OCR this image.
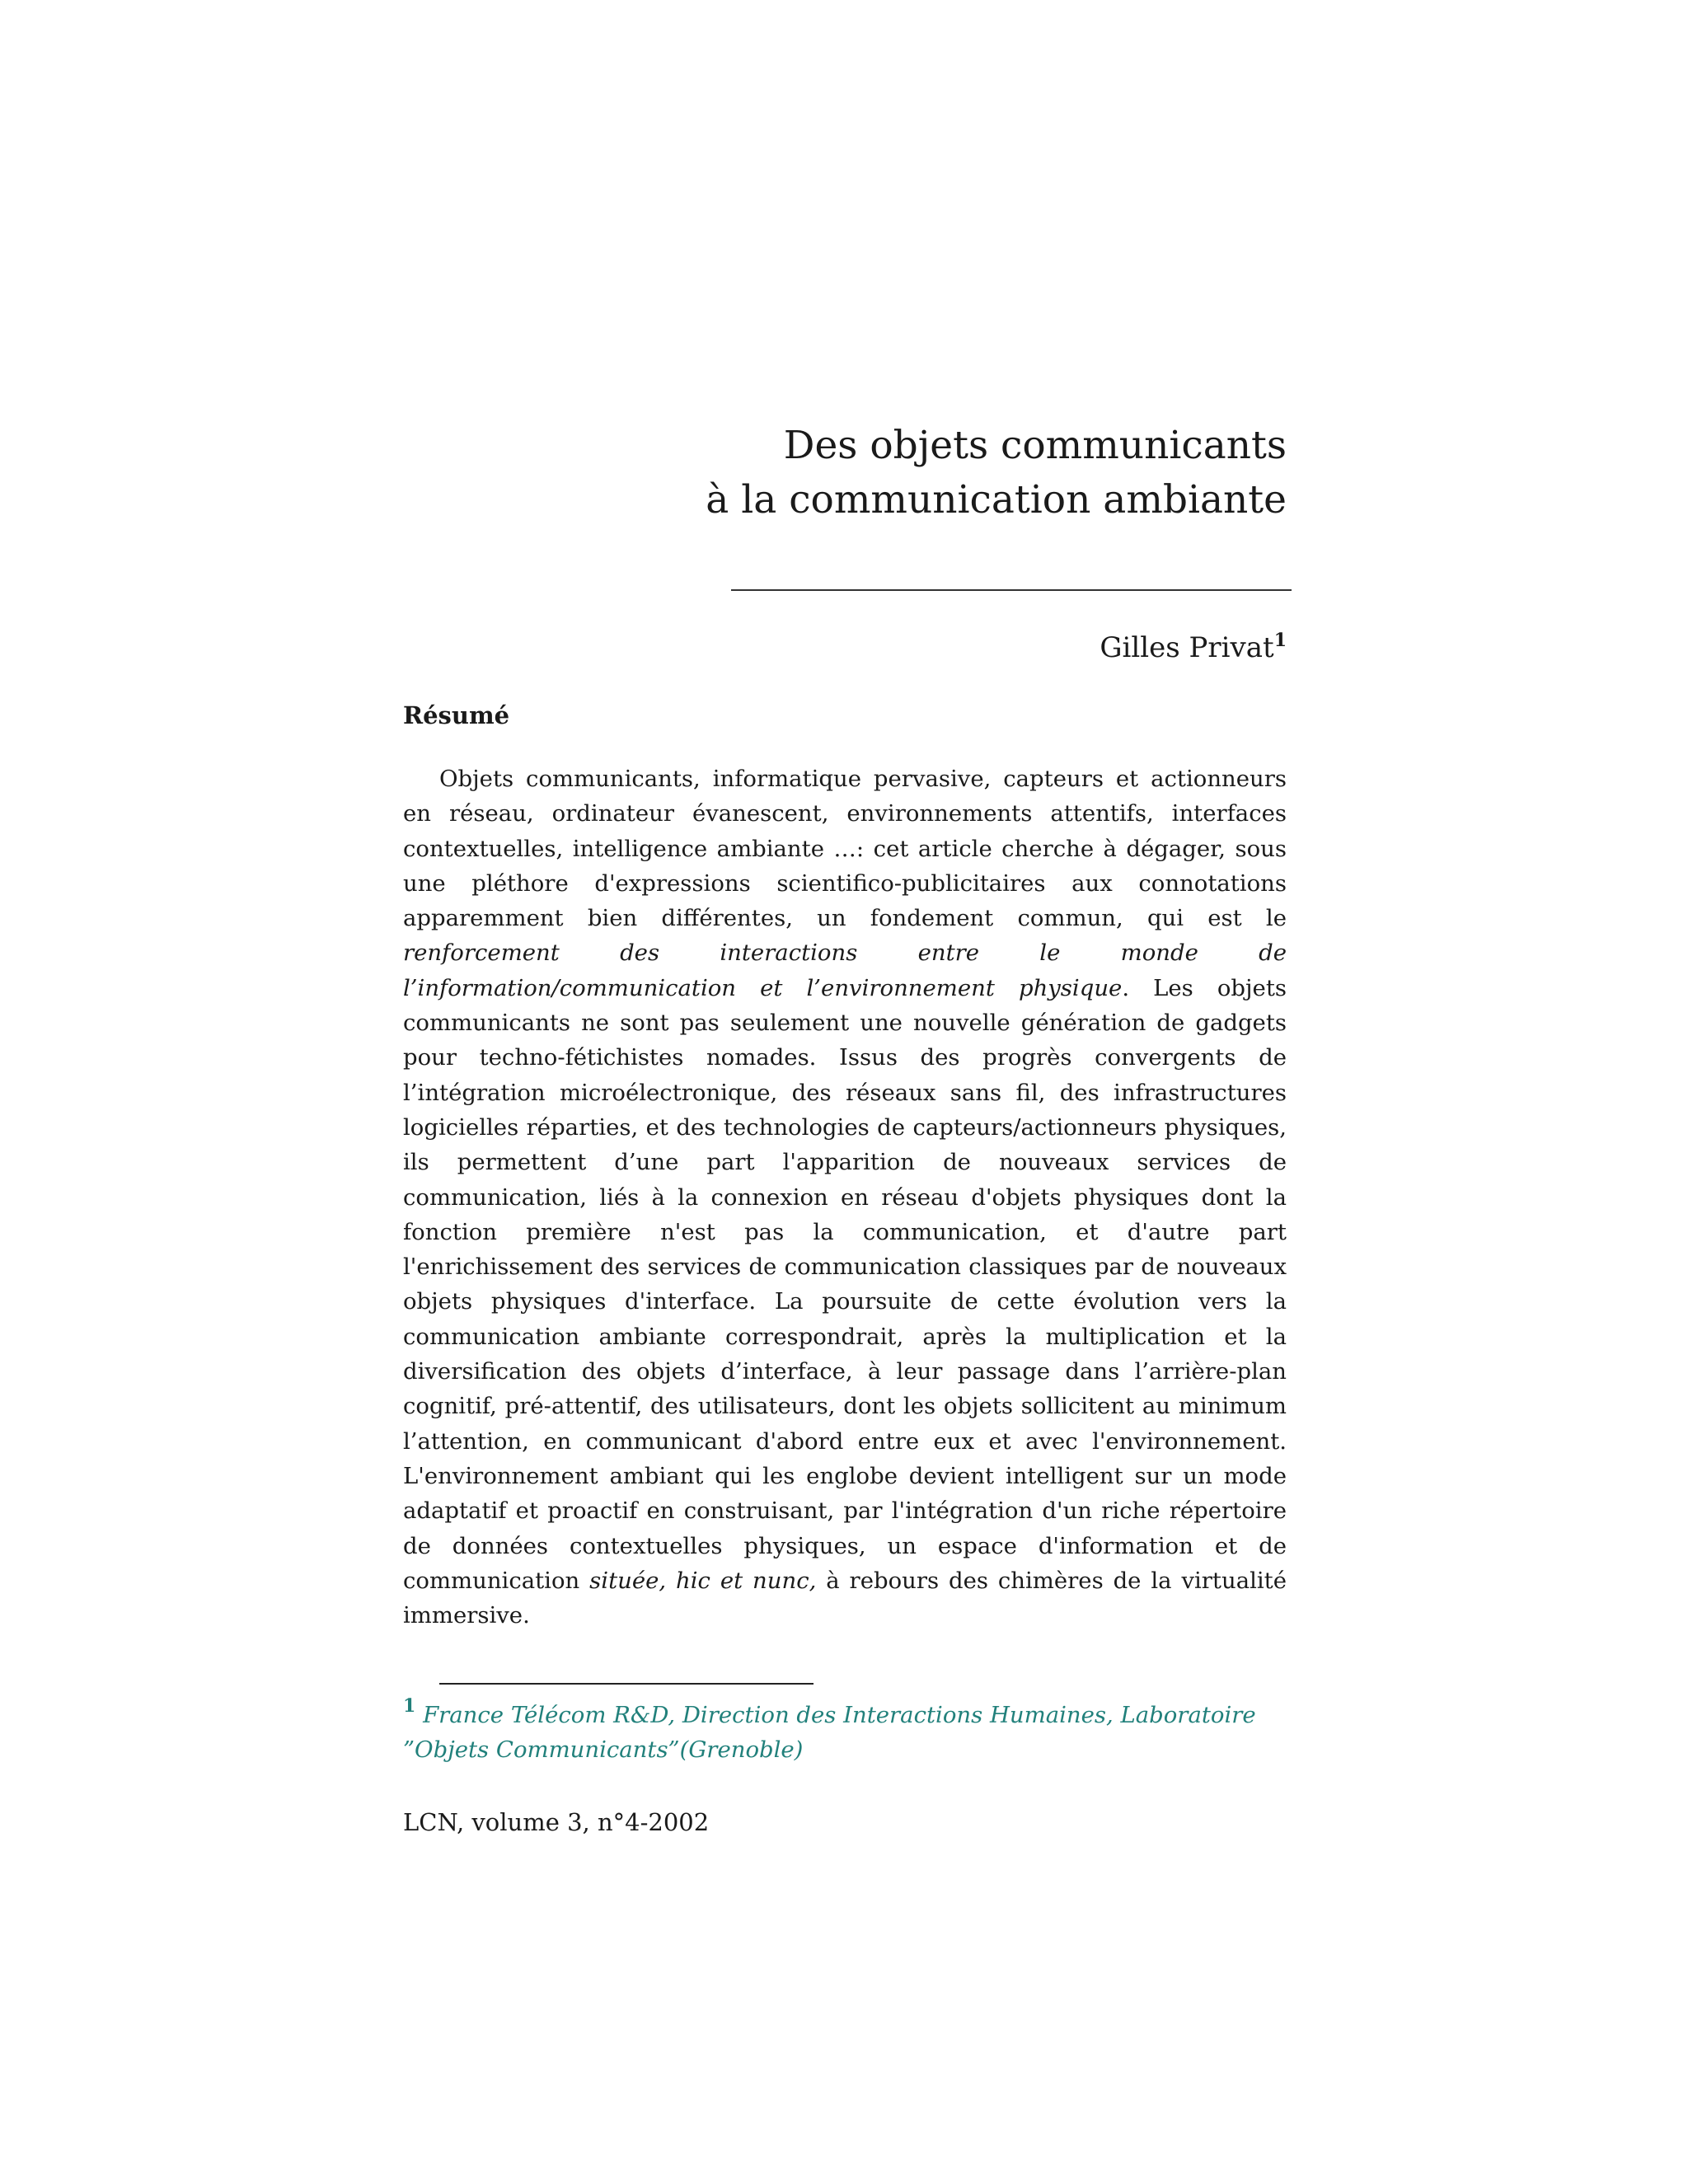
Des objets communicants
à la communication ambiante
Gilles Privat$^1$
Résumé

Objets communicants, informatique pervasive, capteurs et actionneurs en réseau, ordinateur évanescent, environnements attentifs, interfaces contextuelles, intelligence ambiante …: cet article cherche à dégager, sous une pléthore d'expressions scientifico-publicitaires aux connotations apparemment bien différentes, un fondement commun, qui est le renforcement des interactions entre le monde de l’information/communication et l’environnement physique. Les objets communicants ne sont pas seulement une nouvelle génération de gadgets pour techno-fétichistes nomades. Issus des progrès convergents de l’intégration microélectronique, des réseaux sans fil, des infrastructures logicielles réparties, et des technologies de capteurs/actionneurs physiques, ils permettent d’une part l'apparition de nouveaux services de communication, liés à la connexion en réseau d'objets physiques dont la fonction première n'est pas la communication, et d'autre part l'enrichissement des services de communication classiques par de nouveaux objets physiques d'interface. La poursuite de cette évolution vers la communication ambiante correspondrait, après la multiplication et la diversification des objets d’interface, à leur passage dans l’arrière-plan cognitif, pré-attentif, des utilisateurs, dont les objets sollicitent au minimum l’attention, en communicant d'abord entre eux et avec l'environnement. L'environnement ambiant qui les englobe devient intelligent sur un mode adaptatif et proactif en construisant, par l'intégration d'un riche répertoire de données contextuelles physiques, un espace d'information et de communication située, hic et nunc, à rebours des chimères de la virtualité immersive.

$^1$ France Télécom R&D, Direction des Interactions Humaines, Laboratoire ”Objets Communicants”(Grenoble)
LCN, volume 3, n°4-2002
